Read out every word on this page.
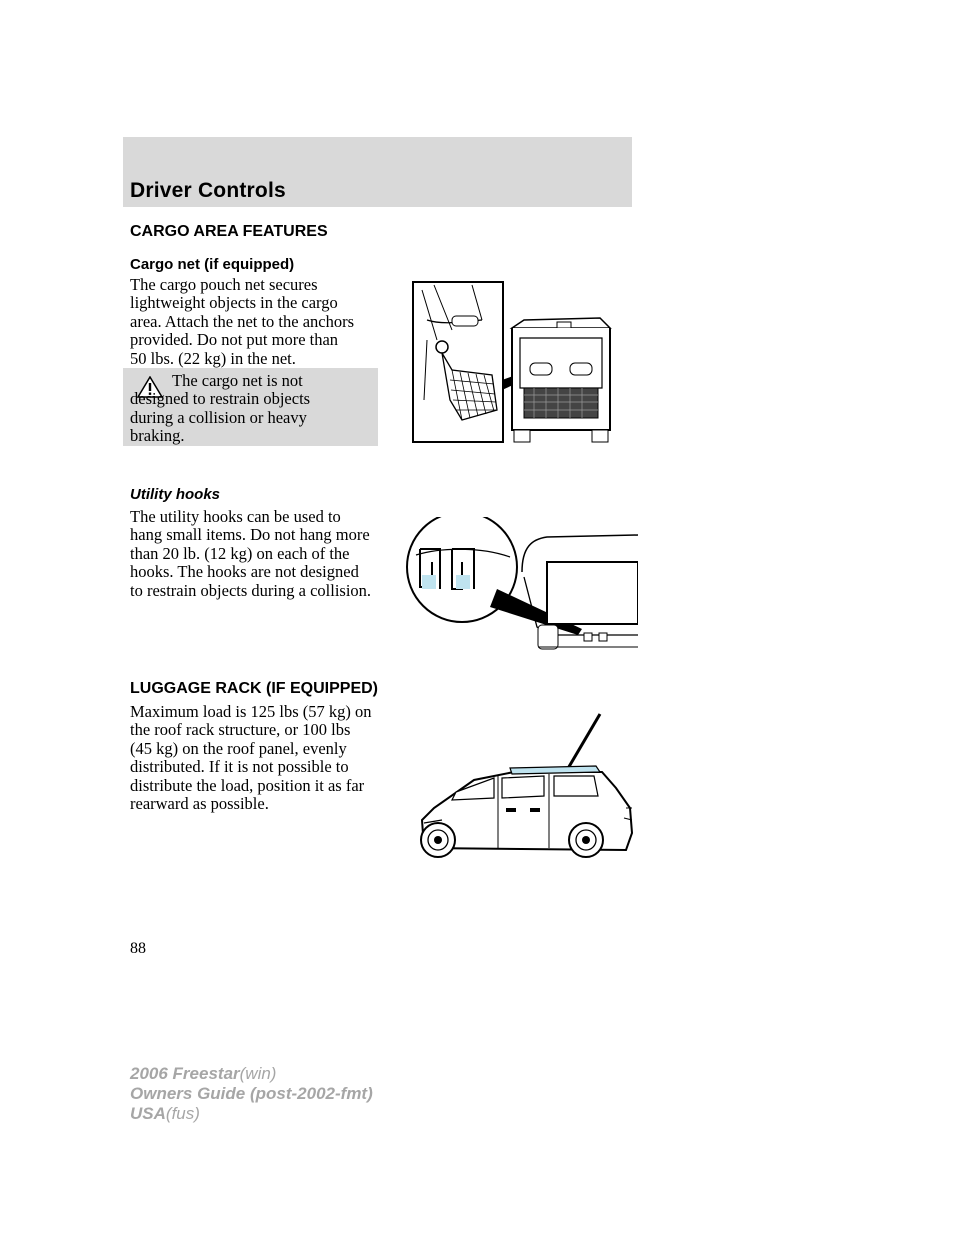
Driver Controls
CARGO AREA FEATURES
Cargo net (if equipped)
The cargo pouch net secures
lightweight objects in the cargo
area. Attach the net to the anchors
provided. Do not put more than
50 lbs. (22 kg) in the net.
The cargo net is not
designed to restrain objects
during a collision or heavy
braking.
Utility hooks
The utility hooks can be used to
hang small items. Do not hang more
than 20 lb. (12 kg) on each of the
hooks. The hooks are not designed
to restrain objects during a collision.
LUGGAGE RACK (IF EQUIPPED)
Maximum load is 125 lbs (57 kg) on
the roof rack structure, or 100 lbs
(45 kg) on the roof panel, evenly
distributed. If it is not possible to
distribute the load, position it as far
rearward as possible.
88
2006 Freestar(win)
Owners Guide (post-2002-fmt)
USA(fus)
